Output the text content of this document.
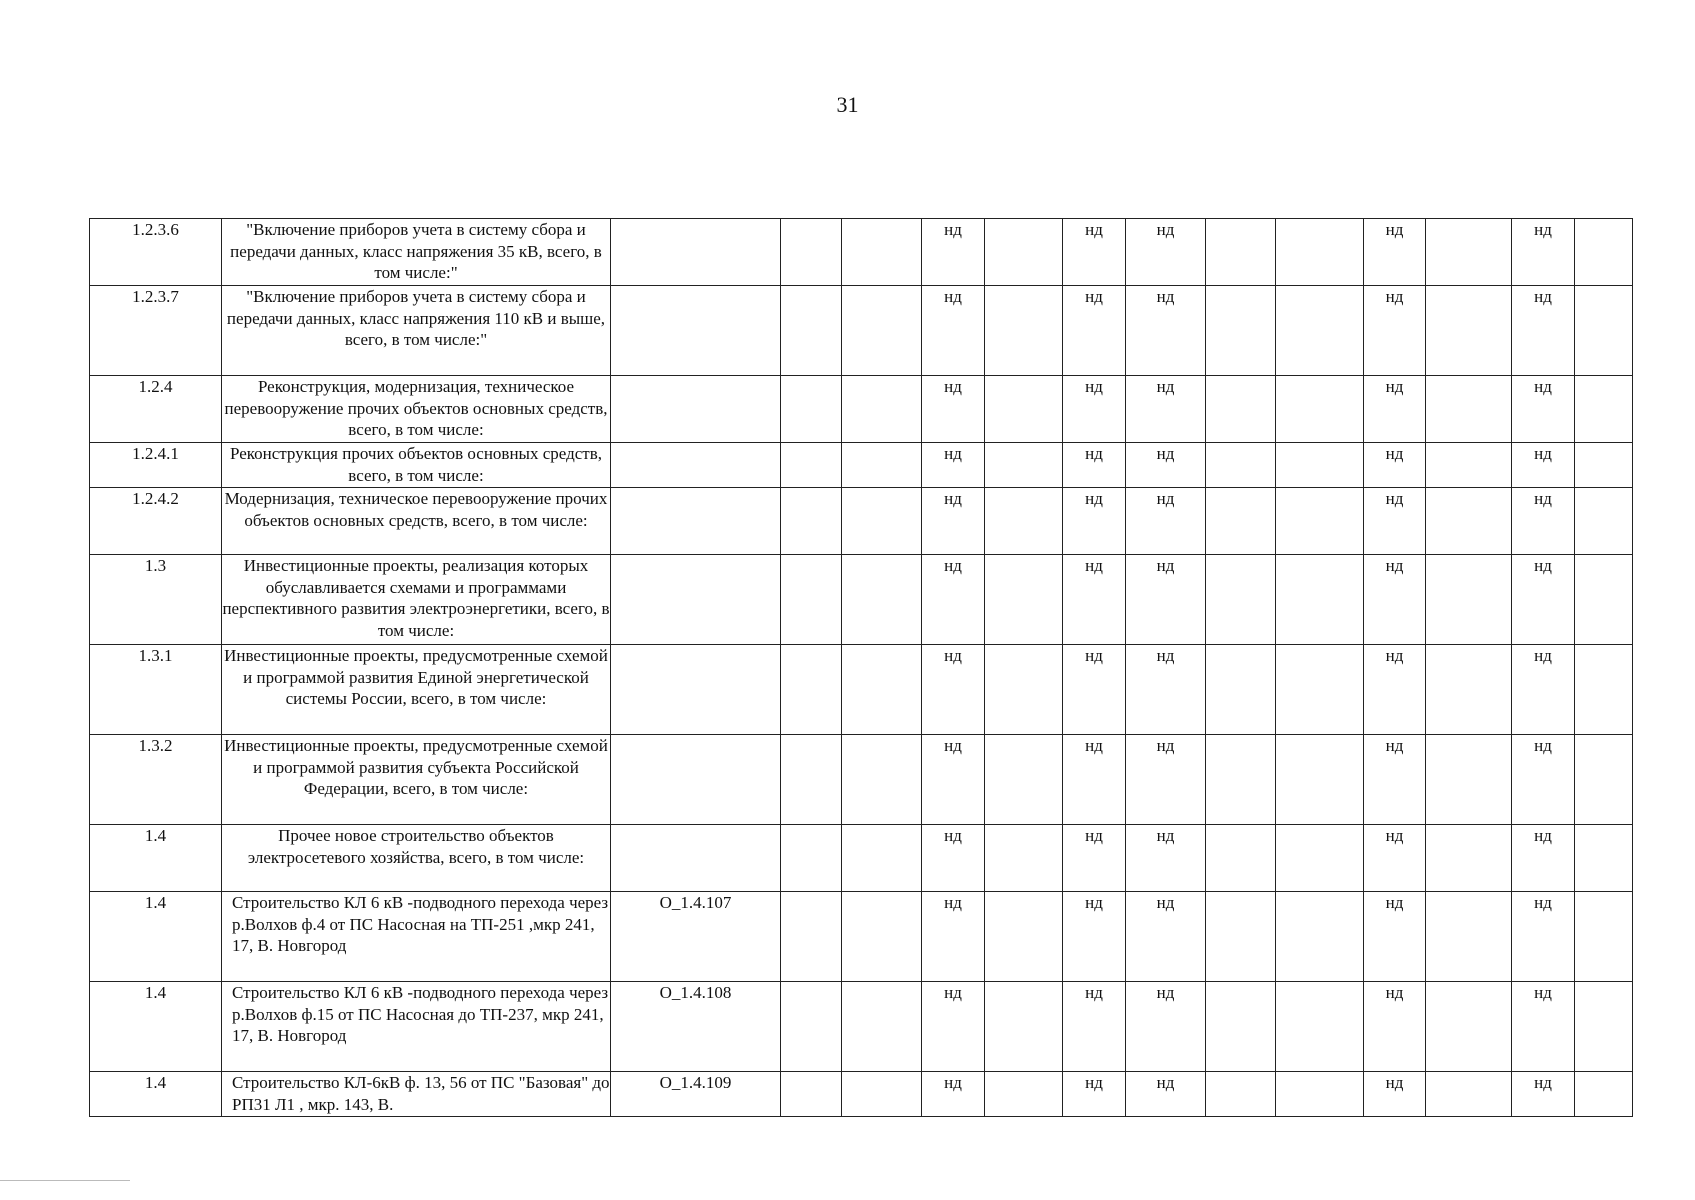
31
1.2.3.6	"Включение приборов учета в систему сбора и передачи данных, класс напряжения 35 кВ, всего, в том числе:"				нд		нд	нд			нд		нд	
1.2.3.7	"Включение приборов учета в систему сбора и передачи данных, класс напряжения 110 кВ и выше, всего, в том числе:"				нд		нд	нд			нд		нд	
1.2.4	Реконструкция, модернизация, техническое перевооружение прочих объектов основных средств, всего, в том числе:				нд		нд	нд			нд		нд	
1.2.4.1	Реконструкция прочих объектов основных средств, всего, в том числе:				нд		нд	нд			нд		нд	
1.2.4.2	Модернизация, техническое перевооружение прочих объектов основных средств, всего, в том числе:				нд		нд	нд			нд		нд	
1.3	Инвестиционные проекты, реализация которых обуславливается схемами и программами перспективного развития электроэнергетики, всего, в том числе:				нд		нд	нд			нд		нд	
1.3.1	Инвестиционные проекты, предусмотренные схемой и программой развития Единой энергетической системы России, всего, в том числе:				нд		нд	нд			нд		нд	
1.3.2	Инвестиционные проекты, предусмотренные схемой и программой развития субъекта Российской Федерации, всего, в том числе:				нд		нд	нд			нд		нд	
1.4	Прочее новое строительство объектов электросетевого хозяйства, всего, в том числе:				нд		нд	нд			нд		нд	
1.4	Строительство КЛ 6 кВ -подводного перехода через р.Волхов ф.4 от ПС Насосная на ТП-251 ,мкр 241, 17, В. Новгород	О_1.4.107			нд		нд	нд			нд		нд	
1.4	Строительство КЛ 6 кВ -подводного перехода через р.Волхов ф.15 от ПС Насосная до ТП-237, мкр 241, 17, В. Новгород	О_1.4.108			нд		нд	нд			нд		нд	
1.4	Строительство КЛ-6кВ ф. 13, 56 от ПС "Базовая" до РП31 Л1 , мкр. 143, В.	О_1.4.109			нд		нд	нд			нд		нд	
